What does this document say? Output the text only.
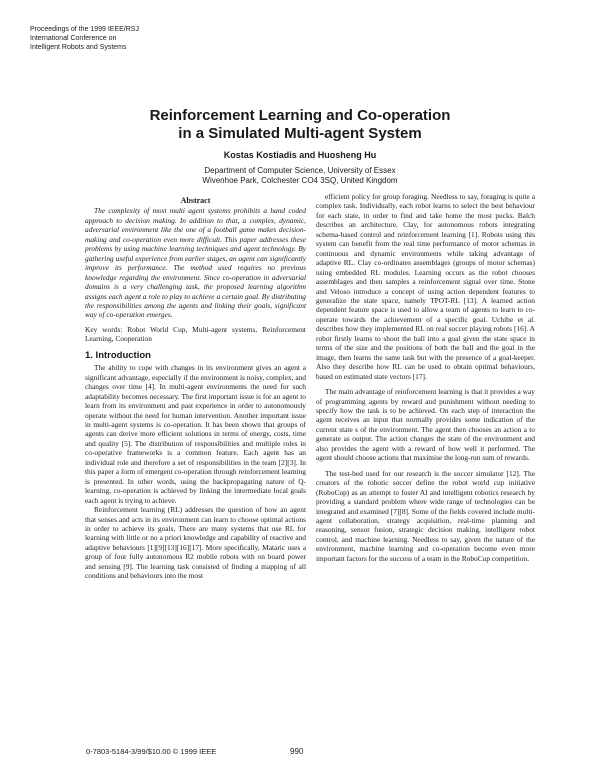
Proceedings of the 1999 IEEE/RSJ
International Conference on
Intelligent Robots and Systems
Reinforcement Learning and Co-operation
in a Simulated Multi-agent System
Kostas Kostiadis and Huosheng Hu
Department of Computer Science, University of Essex
Wivenhoe Park, Colchester CO4 3SQ, United Kingdom
Abstract

The complexity of most multi agent systems prohibits a hand coded approach to decision making. In addition to that, a complex, dynamic, adversarial environment like the one of a football game makes decision-making and co-operation even more difficult. This paper addresses these problems by using machine learning techniques and agent technology. By gathering useful experience from earlier stages, an agent can significantly improve its performance. The method used requires no previous knowledge regarding the environment. Since co-operation in adversarial domains is a very challenging task, the proposed learning algorithm assigns each agent a role to play to achieve a certain goal. By distributing the responsibilities among the agents and linking their goals, significant way of co-operation emerges.

Key words: Robot World Cup, Multi-agent systems, Reinforcement Learning, Cooperation

1. Introduction

The ability to cope with changes in its environment gives an agent a significant advantage, especially if the environment is noisy, complex, and changes over time [4]. In multi-agent environments the need for such adaptability becomes necessary. The first important issue is for an agent to learn from its environment and past experience in order to autonomously operate without the need for human intervention. Another important issue in multi-agent systems is co-operation. It has been shown that groups of agents can derive more efficient solutions in terms of energy, costs, time and quality [5]. The distribution of responsibilities and multiple roles in co-operative frameworks is a common feature. Each agent has an individual role and therefore a set of responsibilities in the team [2][3]. In this paper a form of emergent co-operation through reinforcement learning is presented. In other words, using the backpropagating nature of Q-learning, co-operation is achieved by linking the intermediate local goals each agent is trying to achieve.

Reinforcement learning (RL) addresses the question of how an agent that senses and acts in its environment can learn to choose optimal actions in order to achieve its goals. There are many systems that use RL for learning with little or no a priori knowledge and capability of reactive and adaptive behaviours [1][9][13][16][17]. More specifically, Mataric uses a group of four fully autonomous R2 mobile robots with on board power and sensing [9]. The learning task consisted of finding a mapping of all conditions and behaviours into the most

efficient policy for group foraging. Needless to say, foraging is quite a complex task. Individually, each robot learns to select the best behaviour for each state, in order to find and take home the most pucks. Balch describes an architecture, Clay, for autonomous robots integrating schema-based control and reinforcement learning [1]. Robots using this system can benefit from the real time performance of motor schemas in continuous and dynamic environments while taking advantage of adaptive RL. Clay co-ordinates assemblages (groups of motor schemas) using embedded RL modules. Learning occurs as the robot chooses assemblages and then samples a reinforcement signal over time. Stone and Veloso introduce a concept of using action dependent features to generalize the state space, namely TPOT-RL [13]. A learned action dependent feature space is used to allow a team of agents to learn to co-operate towards the achievement of a specific goal. Uchibe et al. describes how they implemented RL on real soccer playing robots [16]. A robot firstly learns to shoot the ball into a goal given the state space in terms of the size and the positions of both the ball and the goal in the image, then learns the same task but with the presence of a goal-keeper. Also they describe how RL can be used to obtain optimal behaviours, based on estimated state vectors [17].

The main advantage of reinforcement learning is that it provides a way of programming agents by reward and punishment without needing to specify how the task is to be achieved. On each step of interaction the agent receives an input that normally provides some indication of the current state s of the environment. The agent then chooses an action a to generate as output. The action changes the state of the environment and also provides the agent with a reward of how well it performed. The agent should choose actions that maximise the long-run sum of rewards.

The test-bed used for our research is the soccer simulator [12]. The creators of the robotic soccer define the robot world cup initiative (RoboCup) as an attempt to foster AI and intelligent robotics research by providing a standard problem where wide range of technologies can be integrated and examined [7][8]. Some of the fields covered include multi-agent collaboration, strategy acquisition, real-time planning and reasoning, sensor fusion, strategic decision making, intelligent robot control, and machine learning. Needless to say, given the nature of the environment, machine learning and co-operation become even more important factors for the success of a team in the RoboCup competition.

0-7803-5184-3/99/$10.00 © 1999 IEEE	990
